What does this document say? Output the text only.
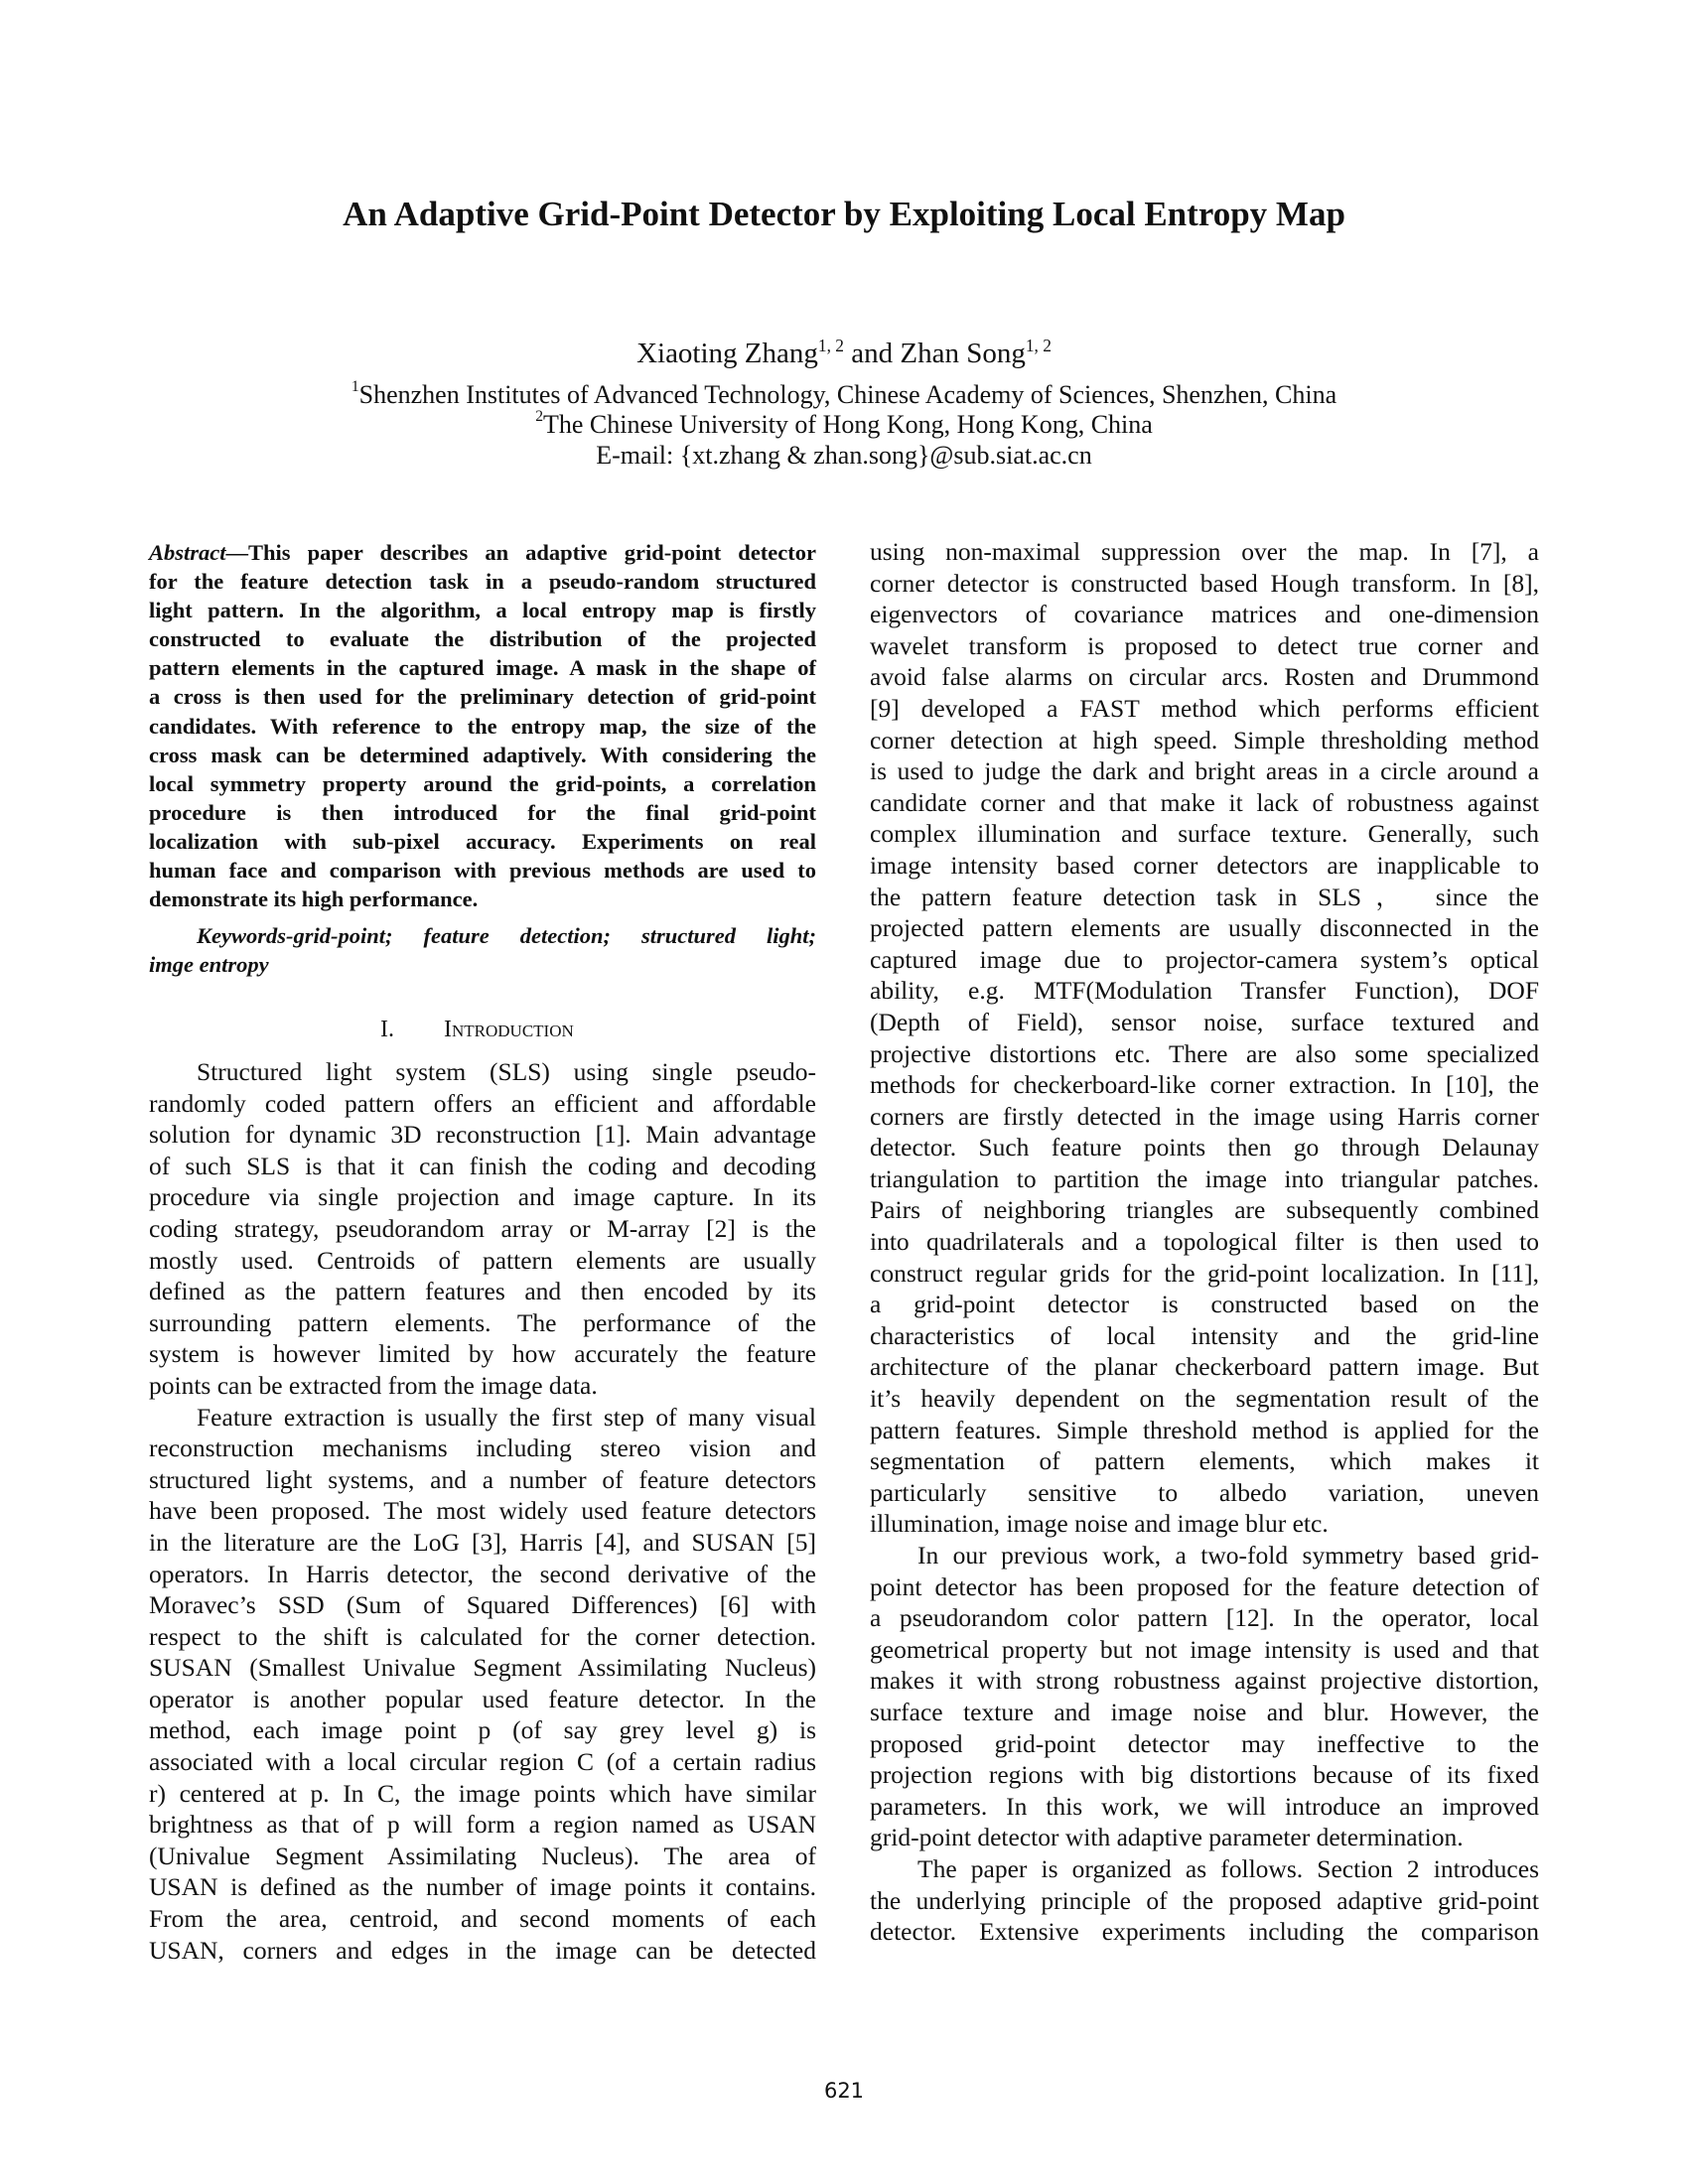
An Adaptive Grid-Point Detector by Exploiting Local Entropy Map
Xiaoting Zhang$^{1, 2}$ and Zhan Song$^{1, 2}$
$^1$Shenzhen Institutes of Advanced Technology, Chinese Academy of Sciences, Shenzhen, China
$^2$The Chinese University of Hong Kong, Hong Kong, China
E-mail: {xt.zhang & zhan.song}@sub.siat.ac.cn
Abstract—This paper describes an adaptive grid-point detector
for the feature detection task in a pseudo-random structured
light pattern. In the algorithm, a local entropy map is firstly
constructed to evaluate the distribution of the projected
pattern elements in the captured image. A mask in the shape of
a cross is then used for the preliminary detection of grid-point
candidates. With reference to the entropy map, the size of the
cross mask can be determined adaptively. With considering the
local symmetry property around the grid-points, a correlation
procedure is then introduced for the final grid-point
localization with sub-pixel accuracy. Experiments on real
human face and comparison with previous methods are used to
demonstrate its high performance.
Keywords-grid-point; feature detection; structured light;
imge entropy
I. Introduction
Structured light system (SLS) using single pseudo-
randomly coded pattern offers an efficient and affordable
solution for dynamic 3D reconstruction [1]. Main advantage
of such SLS is that it can finish the coding and decoding
procedure via single projection and image capture. In its
coding strategy, pseudorandom array or M-array [2] is the
mostly used. Centroids of pattern elements are usually
defined as the pattern features and then encoded by its
surrounding pattern elements. The performance of the
system is however limited by how accurately the feature
points can be extracted from the image data.
Feature extraction is usually the first step of many visual
reconstruction mechanisms including stereo vision and
structured light systems, and a number of feature detectors
have been proposed. The most widely used feature detectors
in the literature are the LoG [3], Harris [4], and SUSAN [5]
operators. In Harris detector, the second derivative of the
Moravec’s SSD (Sum of Squared Differences) [6] with
respect to the shift is calculated for the corner detection.
SUSAN (Smallest Univalue Segment Assimilating Nucleus)
operator is another popular used feature detector. In the
method, each image point p (of say grey level g) is
associated with a local circular region C (of a certain radius
r) centered at p. In C, the image points which have similar
brightness as that of p will form a region named as USAN
(Univalue Segment Assimilating Nucleus). The area of
USAN is defined as the number of image points it contains.
From the area, centroid, and second moments of each
USAN, corners and edges in the image can be detected
using non-maximal suppression over the map. In [7], a
corner detector is constructed based Hough transform. In [8],
eigenvectors of covariance matrices and one-dimension
wavelet transform is proposed to detect true corner and
avoid false alarms on circular arcs. Rosten and Drummond
[9] developed a FAST method which performs efficient
corner detection at high speed. Simple thresholding method
is used to judge the dark and bright areas in a circle around a
candidate corner and that make it lack of robustness against
complex illumination and surface texture. Generally, such
image intensity based corner detectors are inapplicable to
the pattern feature detection task in SLS， since the
projected pattern elements are usually disconnected in the
captured image due to projector-camera system’s optical
ability, e.g. MTF(Modulation Transfer Function), DOF
(Depth of Field), sensor noise, surface textured and
projective distortions etc. There are also some specialized
methods for checkerboard-like corner extraction. In [10], the
corners are firstly detected in the image using Harris corner
detector. Such feature points then go through Delaunay
triangulation to partition the image into triangular patches.
Pairs of neighboring triangles are subsequently combined
into quadrilaterals and a topological filter is then used to
construct regular grids for the grid-point localization. In [11],
a grid-point detector is constructed based on the
characteristics of local intensity and the grid-line
architecture of the planar checkerboard pattern image. But
it’s heavily dependent on the segmentation result of the
pattern features. Simple threshold method is applied for the
segmentation of pattern elements, which makes it
particularly sensitive to albedo variation, uneven
illumination, image noise and image blur etc.
In our previous work, a two-fold symmetry based grid-
point detector has been proposed for the feature detection of
a pseudorandom color pattern [12]. In the operator, local
geometrical property but not image intensity is used and that
makes it with strong robustness against projective distortion,
surface texture and image noise and blur. However, the
proposed grid-point detector may ineffective to the
projection regions with big distortions because of its fixed
parameters. In this work, we will introduce an improved
grid-point detector with adaptive parameter determination.
The paper is organized as follows. Section 2 introduces
the underlying principle of the proposed adaptive grid-point
detector. Extensive experiments including the comparison
621
